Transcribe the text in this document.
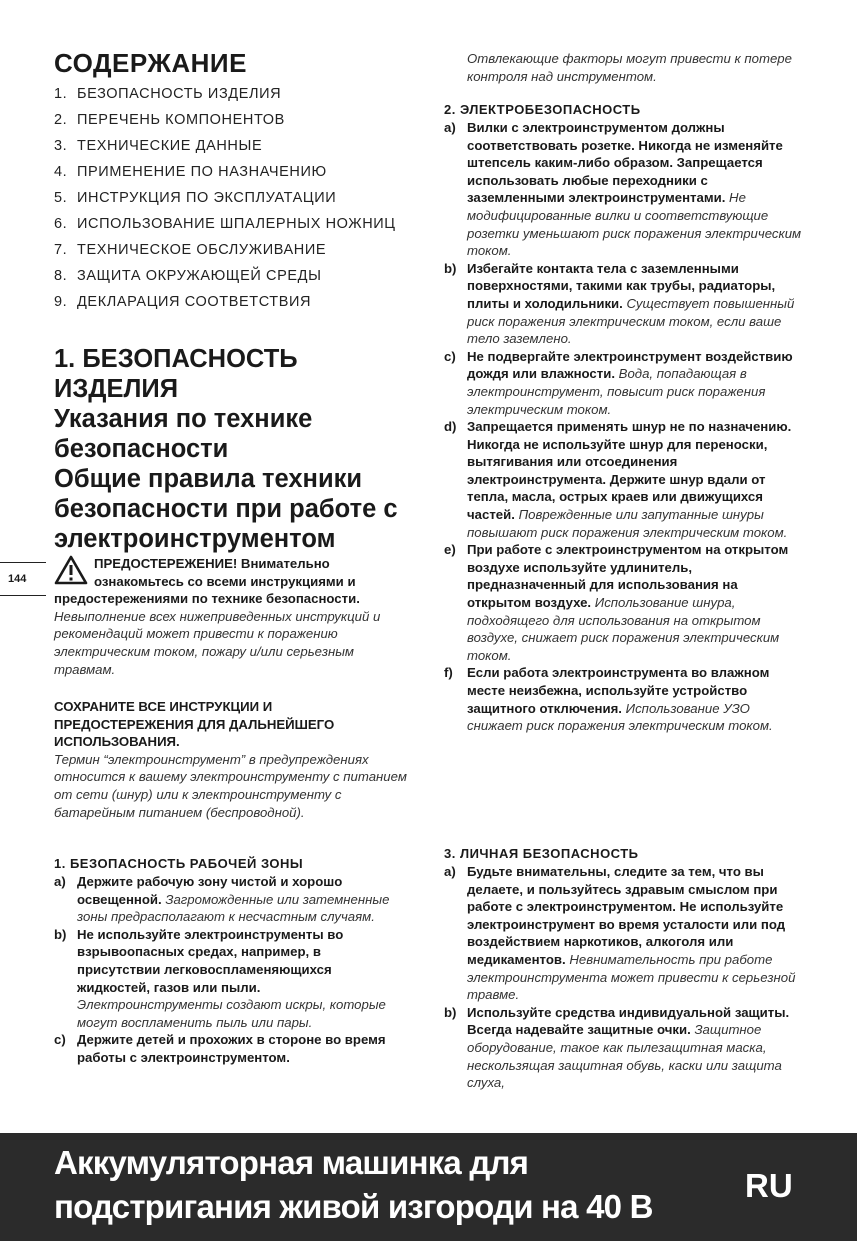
СОДЕРЖАНИЕ
1. БЕЗОПАСНОСТЬ ИЗДЕЛИЯ
2. ПЕРЕЧЕНЬ КОМПОНЕНТОВ
3. ТЕХНИЧЕСКИЕ ДАННЫЕ
4. ПРИМЕНЕНИЕ ПО НАЗНАЧЕНИЮ
5. ИНСТРУКЦИЯ ПО ЭКСПЛУАТАЦИИ
6. ИСПОЛЬЗОВАНИЕ ШПАЛЕРНЫХ НОЖНИЦ
7. ТЕХНИЧЕСКОЕ ОБСЛУЖИВАНИЕ
8. ЗАЩИТА ОКРУЖАЮЩЕЙ СРЕДЫ
9. ДЕКЛАРАЦИЯ СООТВЕТСТВИЯ
1. БЕЗОПАСНОСТЬ
ИЗДЕЛИЯ
Указания по технике
безопасности
Общие правила техники
безопасности при работе с
электроинструментом
144
ПРЕДОСТЕРЕЖЕНИЕ! Внимательно ознакомьтесь со всеми инструкциями и предостережениями по технике безопасности. Невыполнение всех нижеприведенных инструкций и рекомендаций может привести к поражению электрическим током, пожару и/или серьезным травмам.
СОХРАНИТЕ ВСЕ ИНСТРУКЦИИ И ПРЕДОСТЕРЕЖЕНИЯ ДЛЯ ДАЛЬНЕЙШЕГО ИСПОЛЬЗОВАНИЯ.
Термин “электроинструмент” в предупреждениях относится к вашему электроинструменту с питанием от сети (шнур) или к электроинструменту с батарейным питанием (беспроводной).
1. БЕЗОПАСНОСТЬ РАБОЧЕЙ ЗОНЫ
a) Держите рабочую зону чистой и хорошо освещенной. Загроможденные или затемненные зоны предрасполагают к несчастным случаям.
b) Не используйте электроинструменты во взрывоопасных средах, например, в присутствии легковоспламеняющихся жидкостей, газов или пыли. Электроинструменты создают искры, которые могут воспламенить пыль или пары.
c) Держите детей и прохожих в стороне во время работы с электроинструментом.
Отвлекающие факторы могут привести к потере контроля над инструментом.
2. ЭЛЕКТРОБЕЗОПАСНОСТЬ
a) Вилки с электроинструментом должны соответствовать розетке. Никогда не изменяйте штепсель каким-либо образом. Запрещается использовать любые переходники с заземленными электроинструментами. Не модифицированные вилки и соответствующие розетки уменьшают риск поражения электрическим током.
b) Избегайте контакта тела с заземленными поверхностями, такими как трубы, радиаторы, плиты и холодильники. Существует повышенный риск поражения электрическим током, если ваше тело заземлено.
c) Не подвергайте электроинструмент воздействию дождя или влажности. Вода, попадающая в электроинструмент, повысит риск поражения электрическим током.
d) Запрещается применять шнур не по назначению. Никогда не используйте шнур для переноски, вытягивания или отсоединения электроинструмента. Держите шнур вдали от тепла, масла, острых краев или движущихся частей. Поврежденные или запутанные шнуры повышают риск поражения электрическим током.
e) При работе с электроинструментом на открытом воздухе используйте удлинитель, предназначенный для использования на открытом воздухе. Использование шнура, подходящего для использования на открытом воздухе, снижает риск поражения электрическим током.
f) Если работа электроинструмента во влажном месте неизбежна, используйте устройство защитного отключения. Использование УЗО снижает риск поражения электрическим током.
3. ЛИЧНАЯ БЕЗОПАСНОСТЬ
a) Будьте внимательны, следите за тем, что вы делаете, и пользуйтесь здравым смыслом при работе с электроинструментом. Не используйте электроинструмент во время усталости или под воздействием наркотиков, алкоголя или медикаментов. Невнимательность при работе электроинструмента может привести к серьезной травме.
b) Используйте средства индивидуальной защиты. Всегда надевайте защитные очки. Защитное оборудование, такое как пылезащитная маска, нескользящая защитная обувь, каски или защита слуха,
Аккумуляторная машинка для
подстригания живой изгороди на 40 В
RU
